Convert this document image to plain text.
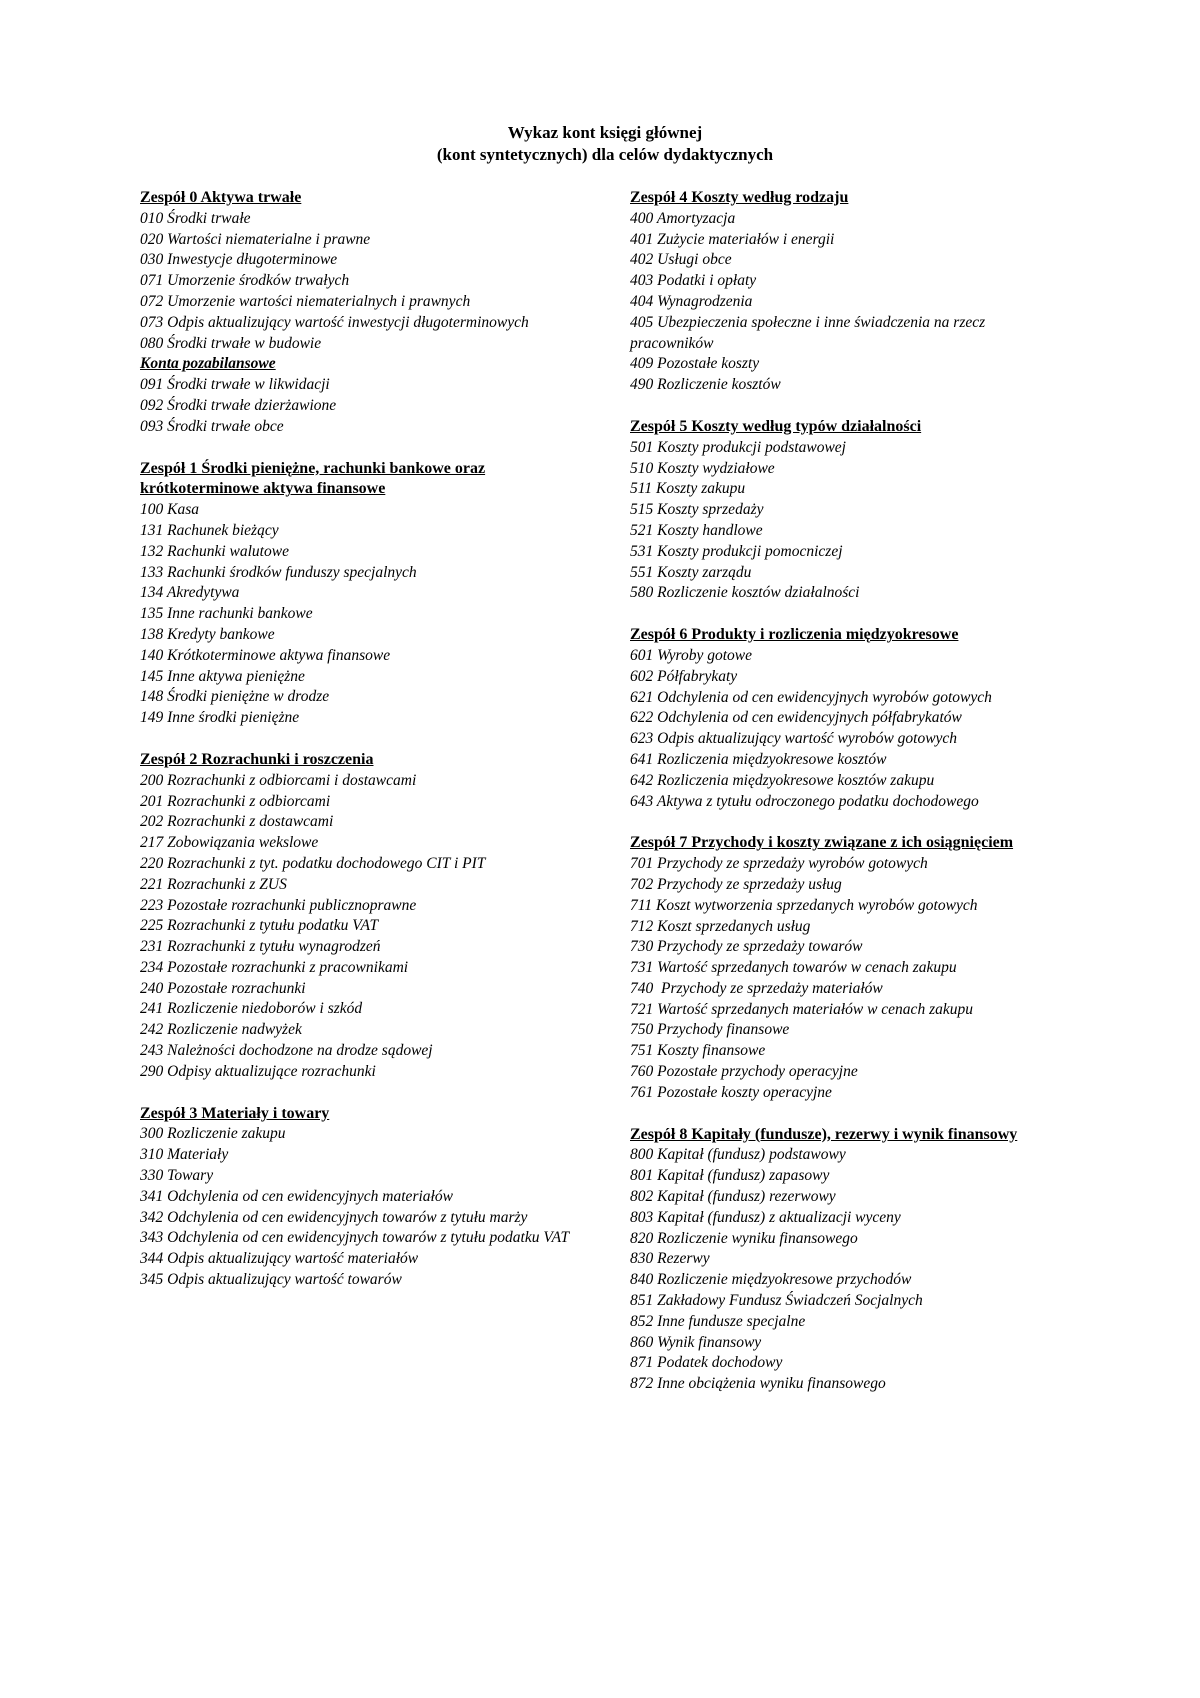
Wykaz kont księgi głównej
(kont syntetycznych) dla celów dydaktycznych
Zespół 0 Aktywa trwałe

010 Środki trwałe

020 Wartości niematerialne i prawne

030 Inwestycje długoterminowe

071 Umorzenie środków trwałych

072 Umorzenie wartości niematerialnych i prawnych

073 Odpis aktualizujący wartość inwestycji długoterminowych

080 Środki trwałe w budowie

Konta pozabilansowe

091 Środki trwałe w likwidacji

092 Środki trwałe dzierżawione

093 Środki trwałe obce

Zespół 1 Środki pieniężne, rachunki bankowe oraz krótkoterminowe aktywa finansowe

100 Kasa

131 Rachunek bieżący

132 Rachunki walutowe

133 Rachunki środków funduszy specjalnych

134 Akredytywa

135 Inne rachunki bankowe

138 Kredyty bankowe

140 Krótkoterminowe aktywa finansowe

145 Inne aktywa pieniężne

148 Środki pieniężne w drodze

149 Inne środki pieniężne

Zespół 2 Rozrachunki i roszczenia

200 Rozrachunki z odbiorcami i dostawcami

201 Rozrachunki z odbiorcami

202 Rozrachunki z dostawcami

217 Zobowiązania wekslowe

220 Rozrachunki z tyt. podatku dochodowego CIT i PIT

221 Rozrachunki z ZUS

223 Pozostałe rozrachunki publicznoprawne

225 Rozrachunki z tytułu podatku VAT

231 Rozrachunki z tytułu wynagrodzeń

234 Pozostałe rozrachunki z pracownikami

240 Pozostałe rozrachunki

241 Rozliczenie niedoborów i szkód

242 Rozliczenie nadwyżek

243 Należności dochodzone na drodze sądowej

290 Odpisy aktualizujące rozrachunki

Zespół 3 Materiały i towary

300 Rozliczenie zakupu

310 Materiały

330 Towary

341 Odchylenia od cen ewidencyjnych materiałów

342 Odchylenia od cen ewidencyjnych towarów z tytułu marży

343 Odchylenia od cen ewidencyjnych towarów z tytułu podatku VAT

344 Odpis aktualizujący wartość materiałów

345 Odpis aktualizujący wartość towarów

Zespół 4 Koszty według rodzaju

400 Amortyzacja

401 Zużycie materiałów i energii

402 Usługi obce

403 Podatki i opłaty

404 Wynagrodzenia

405 Ubezpieczenia społeczne i inne świadczenia na rzecz pracowników

409 Pozostałe koszty

490 Rozliczenie kosztów

Zespół 5 Koszty według typów działalności

501 Koszty produkcji podstawowej

510 Koszty wydziałowe

511 Koszty zakupu

515 Koszty sprzedaży

521 Koszty handlowe

531 Koszty produkcji pomocniczej

551 Koszty zarządu

580 Rozliczenie kosztów działalności

Zespół 6 Produkty i rozliczenia międzyokresowe

601 Wyroby gotowe

602 Półfabrykaty

621 Odchylenia od cen ewidencyjnych wyrobów gotowych

622 Odchylenia od cen ewidencyjnych półfabrykatów

623 Odpis aktualizujący wartość wyrobów gotowych

641 Rozliczenia międzyokresowe kosztów

642 Rozliczenia międzyokresowe kosztów zakupu

643 Aktywa z tytułu odroczonego podatku dochodowego

Zespół 7 Przychody i koszty związane z ich osiągnięciem

701 Przychody ze sprzedaży wyrobów gotowych

702 Przychody ze sprzedaży usług

711 Koszt wytworzenia sprzedanych wyrobów gotowych

712 Koszt sprzedanych usług

730 Przychody ze sprzedaży towarów

731 Wartość sprzedanych towarów w cenach zakupu

740  Przychody ze sprzedaży materiałów

721 Wartość sprzedanych materiałów w cenach zakupu

750 Przychody finansowe

751 Koszty finansowe

760 Pozostałe przychody operacyjne

761 Pozostałe koszty operacyjne

Zespół 8 Kapitały (fundusze), rezerwy i wynik finansowy

800 Kapitał (fundusz) podstawowy

801 Kapitał (fundusz) zapasowy

802 Kapitał (fundusz) rezerwowy

803 Kapitał (fundusz) z aktualizacji wyceny

820 Rozliczenie wyniku finansowego

830 Rezerwy

840 Rozliczenie międzyokresowe przychodów

851 Zakładowy Fundusz Świadczeń Socjalnych

852 Inne fundusze specjalne

860 Wynik finansowy

871 Podatek dochodowy

872 Inne obciążenia wyniku finansowego
